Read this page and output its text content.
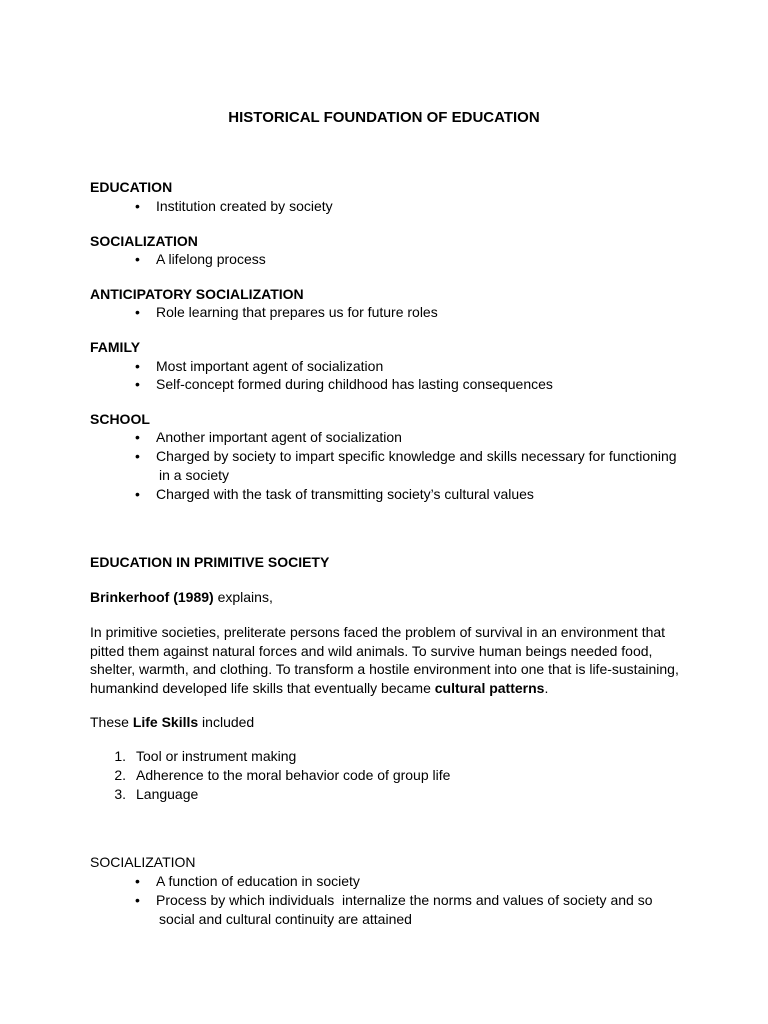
HISTORICAL FOUNDATION OF EDUCATION
EDUCATION
• Institution created by society
SOCIALIZATION
• A lifelong process
ANTICIPATORY SOCIALIZATION
• Role learning that prepares us for future roles
FAMILY
• Most important agent of socialization
• Self-concept formed during childhood has lasting consequences
SCHOOL
• Another important agent of socialization
• Charged by society to impart specific knowledge and skills necessary for functioning
in a society
• Charged with the task of transmitting society’s cultural values
EDUCATION IN PRIMITIVE SOCIETY
Brinkerhoof (1989) explains,
In primitive societies, preliterate persons faced the problem of survival in an environment that
pitted them against natural forces and wild animals. To survive human beings needed food,
shelter, warmth, and clothing. To transform a hostile environment into one that is life-sustaining,
humankind developed life skills that eventually became cultural patterns.
These Life Skills included
1. Tool or instrument making
2. Adherence to the moral behavior code of group life
3. Language
SOCIALIZATION
• A function of education in society
• Process by which individuals  internalize the norms and values of society and so
social and cultural continuity are attained
